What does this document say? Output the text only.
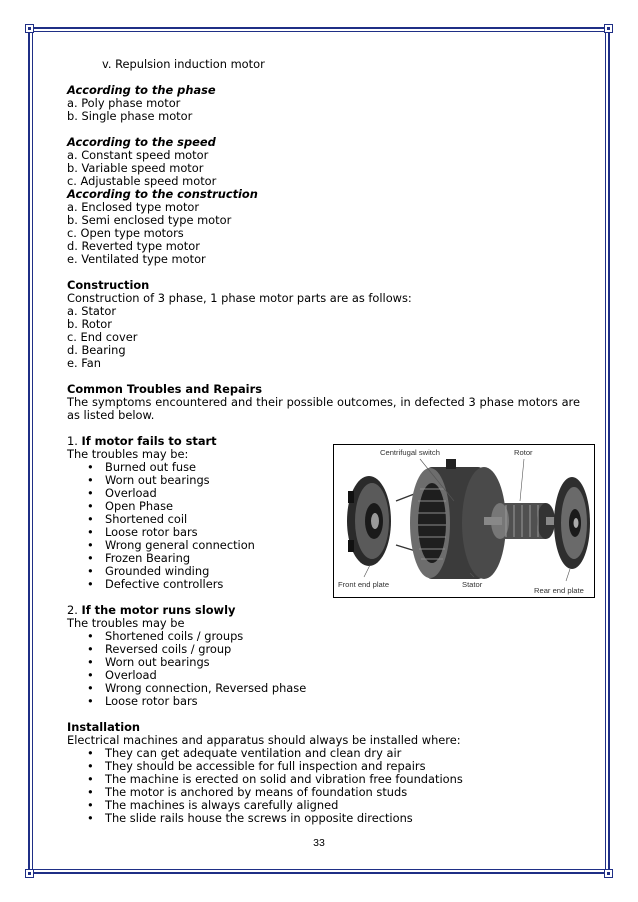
v. Repulsion induction motor
According to the phase
a. Poly phase motor
b. Single phase motor
According to the speed
a. Constant speed motor
b. Variable speed motor
c. Adjustable speed motor
According to the construction
a. Enclosed type motor
b. Semi enclosed type motor
c. Open type motors
d. Reverted type motor
e. Ventilated type motor
Construction
Construction of 3 phase, 1 phase motor parts are as follows:
a. Stator
b. Rotor
c. End cover
d. Bearing
e. Fan
Common Troubles and Repairs
The symptoms encountered and their possible outcomes, in defected 3 phase motors are as listed below.
1. If motor fails to start
The troubles may be:
• Burned out fuse
• Worn out bearings
• Overload
• Open Phase
• Shortened coil
• Loose rotor bars
• Wrong general connection
• Frozen Bearing
• Grounded winding
• Defective controllers
2. If the motor runs slowly
The troubles may be
• Shortened coils / groups
• Reversed coils / group
• Worn out bearings
• Overload
• Wrong connection, Reversed phase
• Loose rotor bars
Installation
Electrical machines and apparatus should always be installed where:
• They can get adequate ventilation and clean dry air
• They should be accessible for full inspection and repairs
• The machine is erected on solid and vibration free foundations
• The motor is anchored by means of foundation studs
• The machines is always carefully aligned
• The slide rails house the screws in opposite directions
Centrifugal switch	Rotor
Front end plate	Stator
Rear end plate
33
